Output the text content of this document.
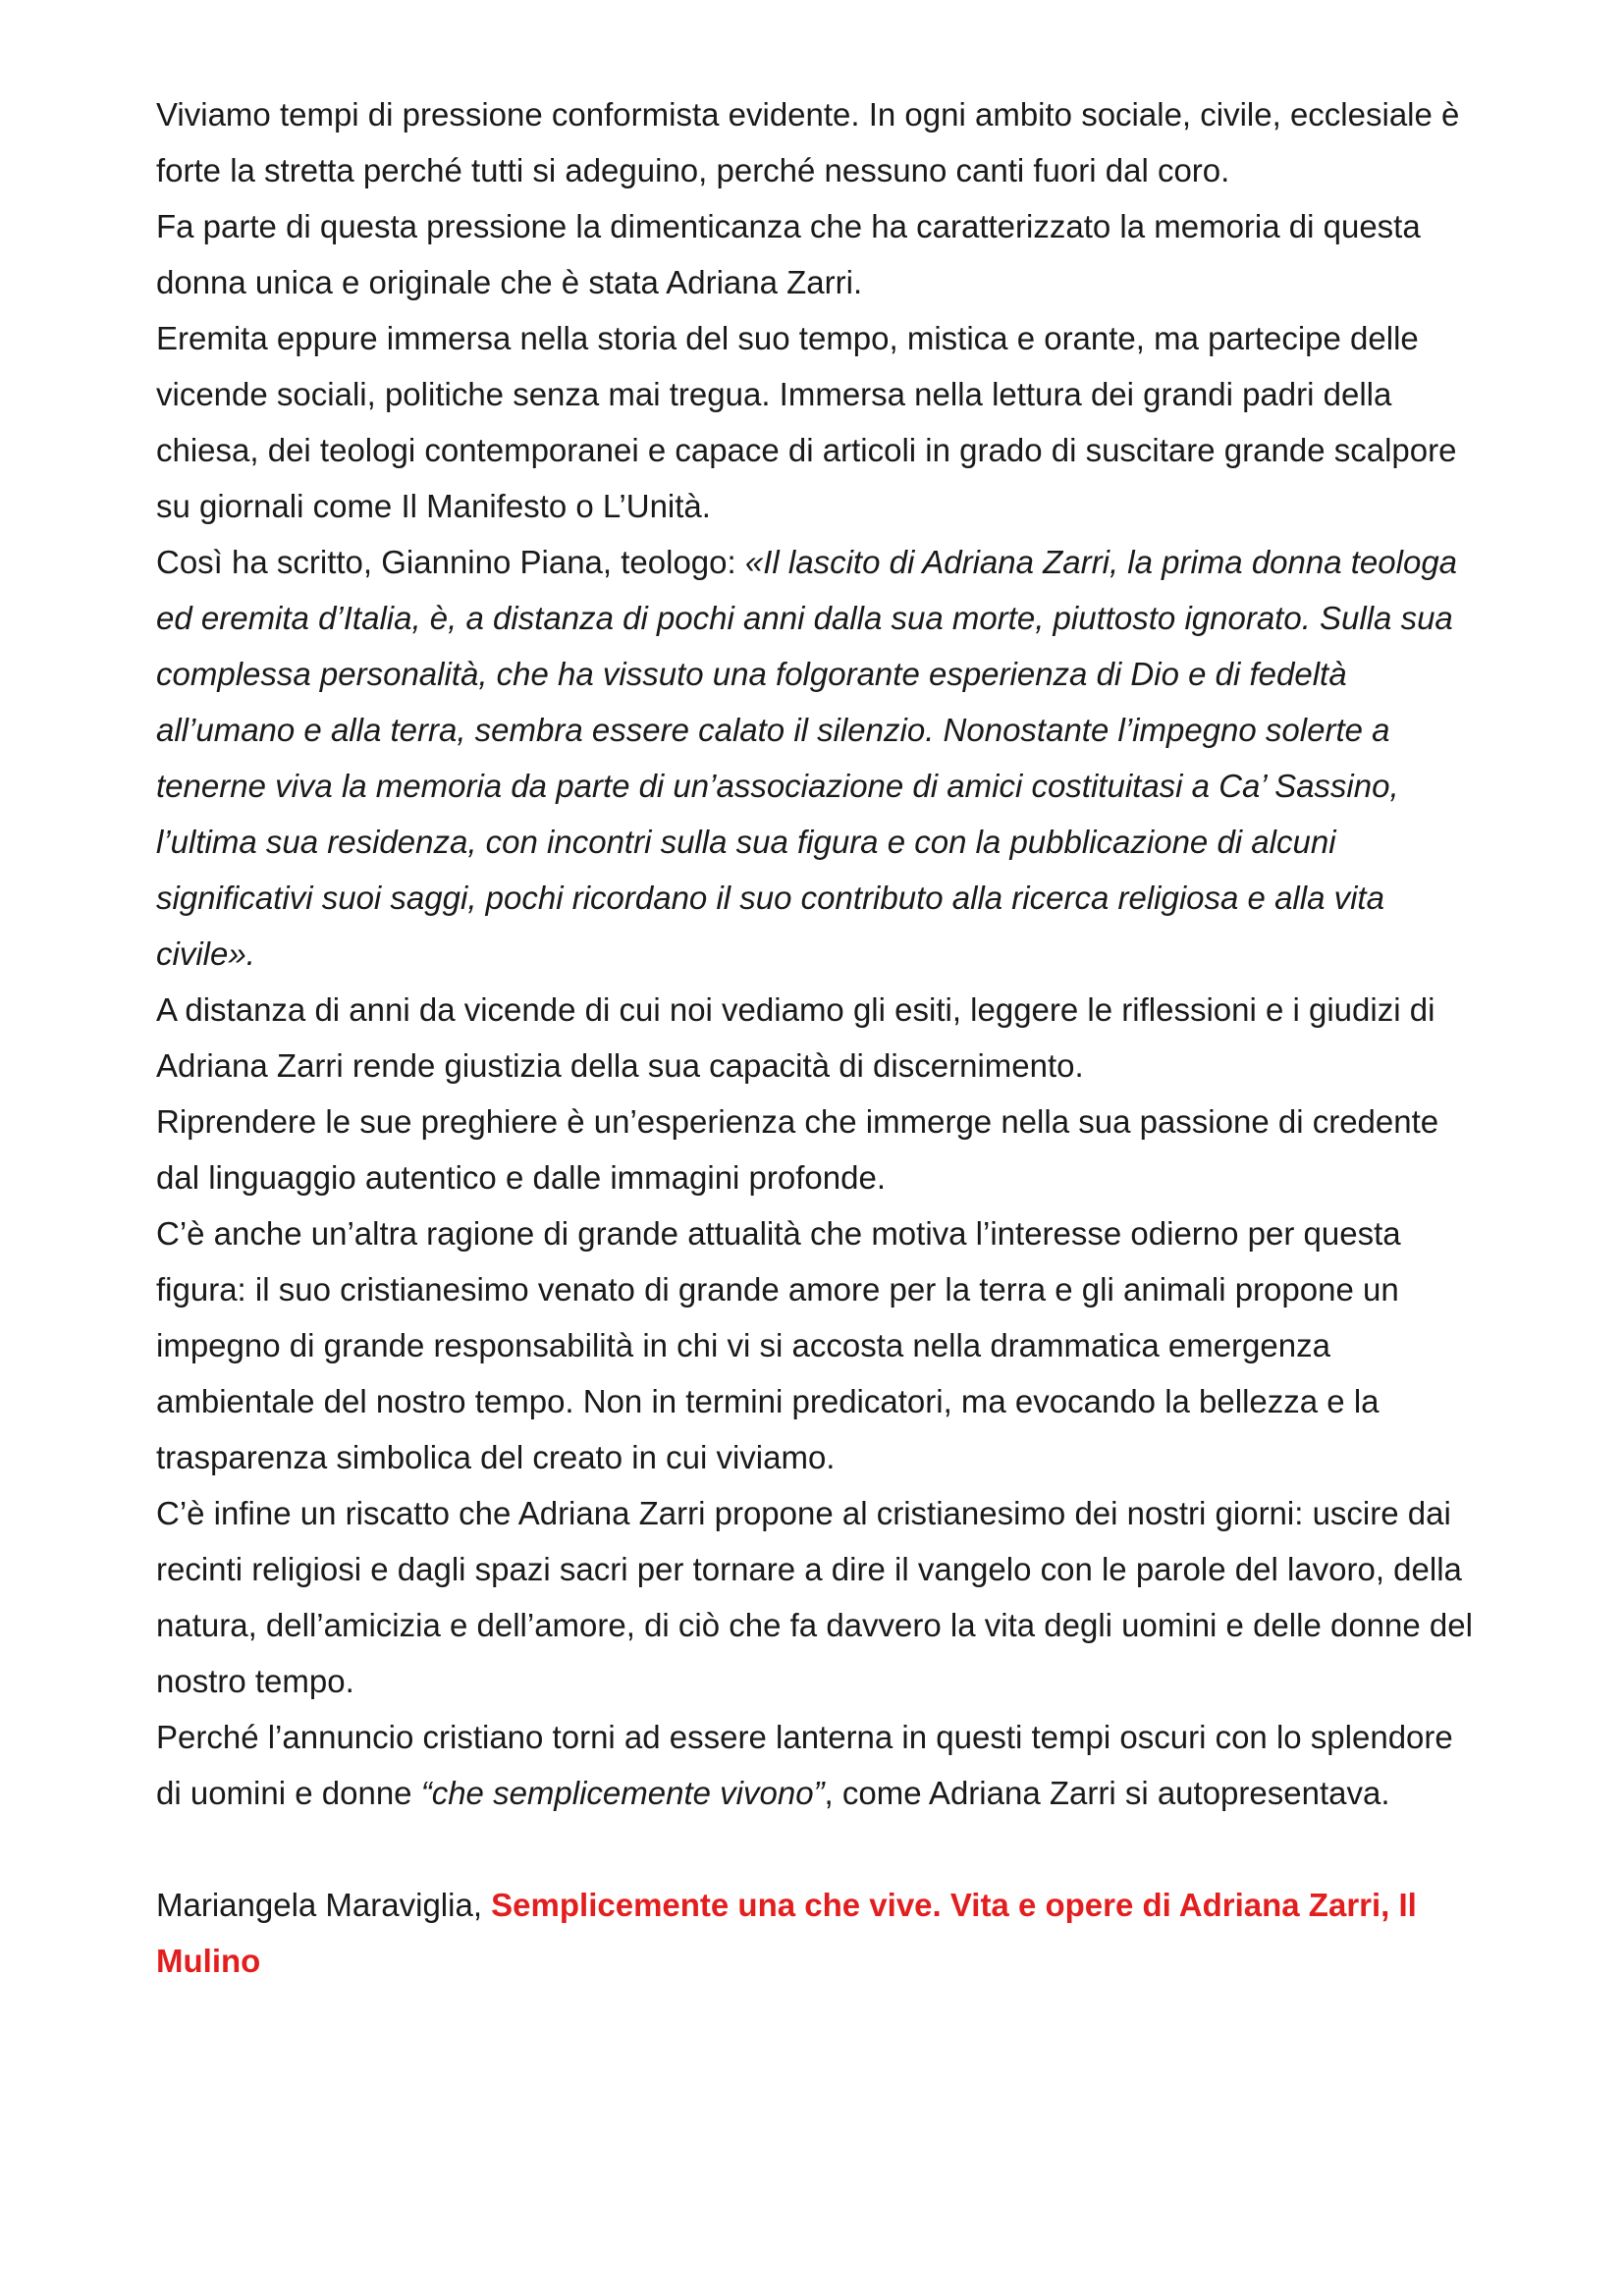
Viviamo tempi di pressione conformista evidente. In ogni ambito sociale, civile, ecclesiale è forte la stretta perché tutti si adeguino, perché nessuno canti fuori dal coro.

Fa parte di questa pressione la dimenticanza che ha caratterizzato la memoria di questa donna unica e originale che è stata Adriana Zarri.

Eremita eppure immersa nella storia del suo tempo, mistica e orante, ma partecipe delle vicende sociali, politiche senza mai tregua. Immersa nella lettura dei grandi padri della chiesa, dei teologi contemporanei e capace di articoli in grado di suscitare grande scalpore su giornali come Il Manifesto o L’Unità.

Così ha scritto, Giannino Piana, teologo: «Il lascito di Adriana Zarri, la prima donna teologa ed eremita d’Italia, è, a distanza di pochi anni dalla sua morte, piuttosto ignorato. Sulla sua complessa personalità, che ha vissuto una folgorante esperienza di Dio e di fedeltà all’umano e alla terra, sembra essere calato il silenzio. Nonostante l’impegno solerte a tenerne viva la memoria da parte di un’associazione di amici costituitasi a Ca’ Sassino, l’ultima sua residenza, con incontri sulla sua figura e con la pubblicazione di alcuni significativi suoi saggi, pochi ricordano il suo contributo alla ricerca religiosa e alla vita civile».

A distanza di anni da vicende di cui noi vediamo gli esiti, leggere le riflessioni e i giudizi di Adriana Zarri rende giustizia della sua capacità di discernimento.

Riprendere le sue preghiere è un’esperienza che immerge nella sua passione di credente dal linguaggio autentico e dalle immagini profonde.

C’è anche un’altra ragione di grande attualità che motiva l’interesse odierno per questa figura: il suo cristianesimo venato di grande amore per la terra e gli animali propone un impegno di grande responsabilità in chi vi si accosta nella drammatica emergenza ambientale del nostro tempo. Non in termini predicatori, ma evocando la bellezza e la trasparenza simbolica del creato in cui viviamo.

C’è infine un riscatto che Adriana Zarri propone al cristianesimo dei nostri giorni: uscire dai recinti religiosi e dagli spazi sacri per tornare a dire il vangelo con le parole del lavoro, della natura, dell’amicizia e dell’amore, di ciò che fa davvero la vita degli uomini e delle donne del nostro tempo.

Perché l’annuncio cristiano torni ad essere lanterna in questi tempi oscuri con lo splendore di uomini e donne “che semplicemente vivono”, come Adriana Zarri si autopresentava.

Mariangela Maraviglia, Semplicemente una che vive. Vita e opere di Adriana Zarri, Il Mulino
